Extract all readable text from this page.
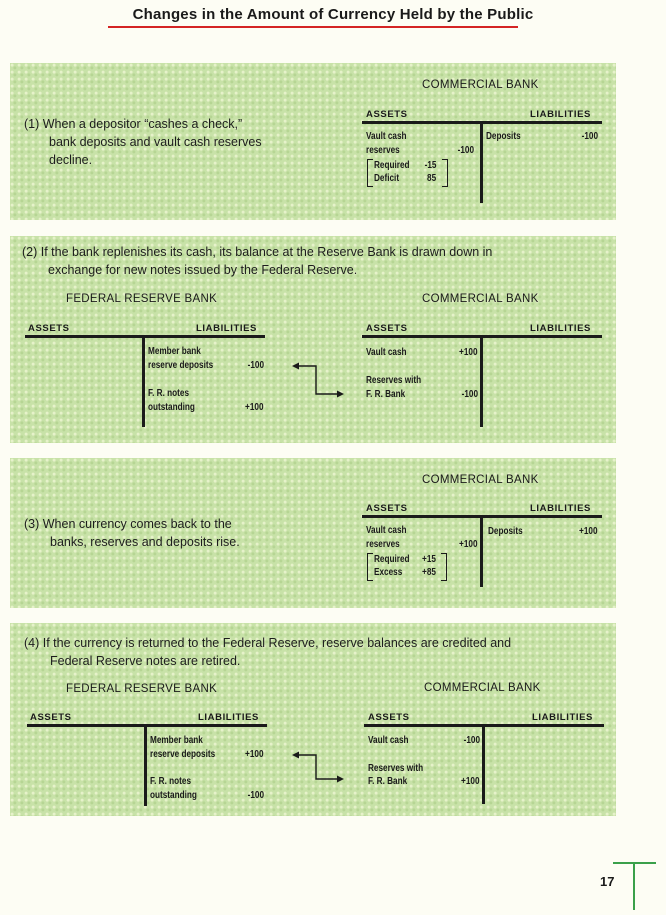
Changes in the Amount of Currency Held by the Public
(1) When a depositor “cashes a check,”
bank deposits and vault cash reserves
decline.
COMMERCIAL BANK
ASSETS	LIABILITIES
Vault cash
reserves	-100
Required -15
Deficit	85
Deposits	-100
(2) If the bank replenishes its cash, its balance at the Reserve Bank is drawn down in
exchange for new notes issued by the Federal Reserve.
FEDERAL RESERVE BANK	COMMERCIAL BANK
ASSETS	LIABILITIES
Member bank
reserve deposits	-100
F. R. notes
outstanding	+100
ASSETS	LIABILITIES
Vault cash	+100
Reserves with
F. R. Bank	-100
(3) When currency comes back to the
banks, reserves and deposits rise.
COMMERCIAL BANK
ASSETS	LIABILITIES
Vault cash
reserves	+100
Required +15
Excess +85
Deposits	+100
(4) If the currency is returned to the Federal Reserve, reserve balances are credited and
Federal Reserve notes are retired.
FEDERAL RESERVE BANK	COMMERCIAL BANK
ASSETS	LIABILITIES
Member bank
reserve deposits	+100
F. R. notes
outstanding	-100
ASSETS	LIABILITIES
Vault cash	-100
Reserves with
F. R. Bank	+100
17
